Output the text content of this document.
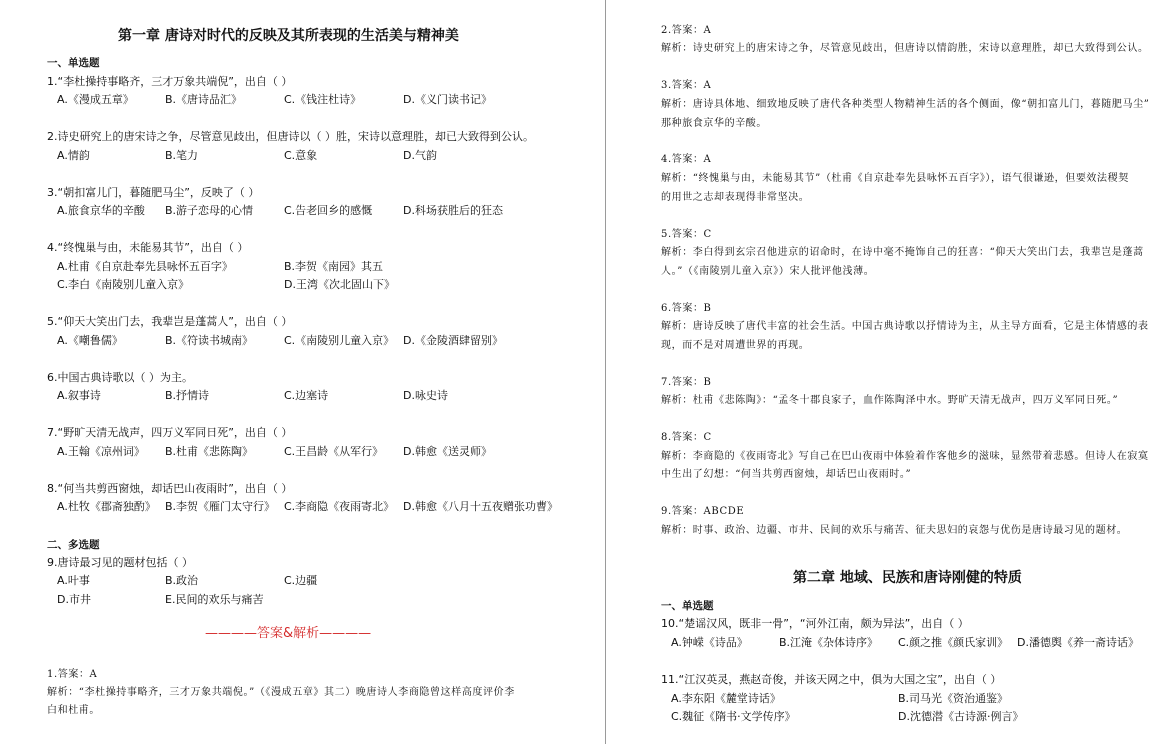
第一章 唐诗对时代的反映及其所表现的生活美与精神美
一、单选题
1.“李杜操持事略齐，三才万象共端倪”，出自（ ）
A.《漫成五章》	B.《唐诗品汇》	C.《钱注杜诗》	D.《义门读书记》
2.诗史研究上的唐宋诗之争，尽管意见歧出，但唐诗以（ ）胜，宋诗以意理胜，却已大致得到公认。
A.情韵	B.笔力	C.意象	D.气韵
3.“朝扣富儿门，暮随肥马尘”，反映了（ ）
A.旅食京华的辛酸 B.游子恋母的心情	C.告老回乡的感慨	D.科场获胜后的狂态
4.“终愧巢与由，未能易其节”，出自（ ）
A.杜甫《自京赴奉先县咏怀五百字》	B.李贺《南园》其五
C.李白《南陵别儿童入京》	D.王湾《次北固山下》
5.“仰天大笑出门去，我辈岂是蓬蒿人”，出自（ ）
A.《嘲鲁儒》	B.《符读书城南》	C.《南陵别儿童入京》 D.《金陵酒肆留别》
6.中国古典诗歌以（ ）为主。
A.叙事诗	B.抒情诗	C.边塞诗	D.咏史诗
7.“野旷天清无战声，四万义军同日死”，出自（ ）
A.王翰《凉州词》 B.杜甫《悲陈陶》	C.王昌龄《从军行》 D.韩愈《送灵师》
8.“何当共剪西窗烛，却话巴山夜雨时”，出自（ ）
A.杜牧《郡斋独酌》 B.李贺《雁门太守行》 C.李商隐《夜雨寄北》 D.韩愈《八月十五夜赠张功曹》
二、多选题
9.唐诗最习见的题材包括（ ）
A.叶事	B.政治	C.边疆
D.市井	E.民间的欢乐与痛苦
————答案&解析————
1.答案：A
解析：“李杜操持事略齐，三才万象共端倪。”（《漫成五章》其二）晚唐诗人李商隐曾这样高度评价李
白和杜甫。
2.答案：A
解析：诗史研究上的唐宋诗之争，尽管意见歧出，但唐诗以情韵胜，宋诗以意理胜，却已大致得到公认。
3.答案：A
解析：唐诗具体地、细致地反映了唐代各种类型人物精神生活的各个侧面，像“朝扣富儿门，暮随肥马尘”
那种旅食京华的辛酸。
4.答案：A
解析：“终愧巢与由，未能易其节”（杜甫《自京赴奉先县咏怀五百字》），语气很谦逊，但要效法稷契
的用世之志却表现得非常坚决。
5.答案：C
解析：李白得到玄宗召他进京的诏命时，在诗中毫不掩饰自己的狂喜：“仰天大笑出门去，我辈岂是蓬蒿
人。”（《南陵别儿童入京》）宋人批评他浅薄。
6.答案：B
解析：唐诗反映了唐代丰富的社会生活。中国古典诗歌以抒情诗为主，从主导方面看，它是主体情感的表
现，而不是对周遭世界的再现。
7.答案：B
解析：杜甫《悲陈陶》：“孟冬十郡良家子，血作陈陶泽中水。野旷天清无战声，四万义军同日死。”
8.答案：C
解析：李商隐的《夜雨寄北》写自己在巴山夜雨中体验着作客他乡的滋味，显然带着悲感。但诗人在寂寞
中生出了幻想：“何当共剪西窗烛，却话巴山夜雨时。”
9.答案：ABCDE
解析：时事、政治、边疆、市井、民间的欢乐与痛苦、征夫思妇的哀怨与优伤是唐诗最习见的题材。
第二章 地域、民族和唐诗刚健的特质
一、单选题
10.“楚谣汉风，既非一骨”，“河外江南，颇为异法”，出自（ ）
A.钟嵘《诗品》	B.江淹《杂体诗序》 C.颜之推《颜氏家训》 D.潘德舆《养一斋诗话》
11.“江汉英灵，燕赵奇俊，并该天网之中，俱为大国之宝”，出自（ ）
A.李东阳《麓堂诗话》	B.司马光《资治通鉴》
C.魏征《隋书·文学传序》	D.沈德潜《古诗源·例言》
